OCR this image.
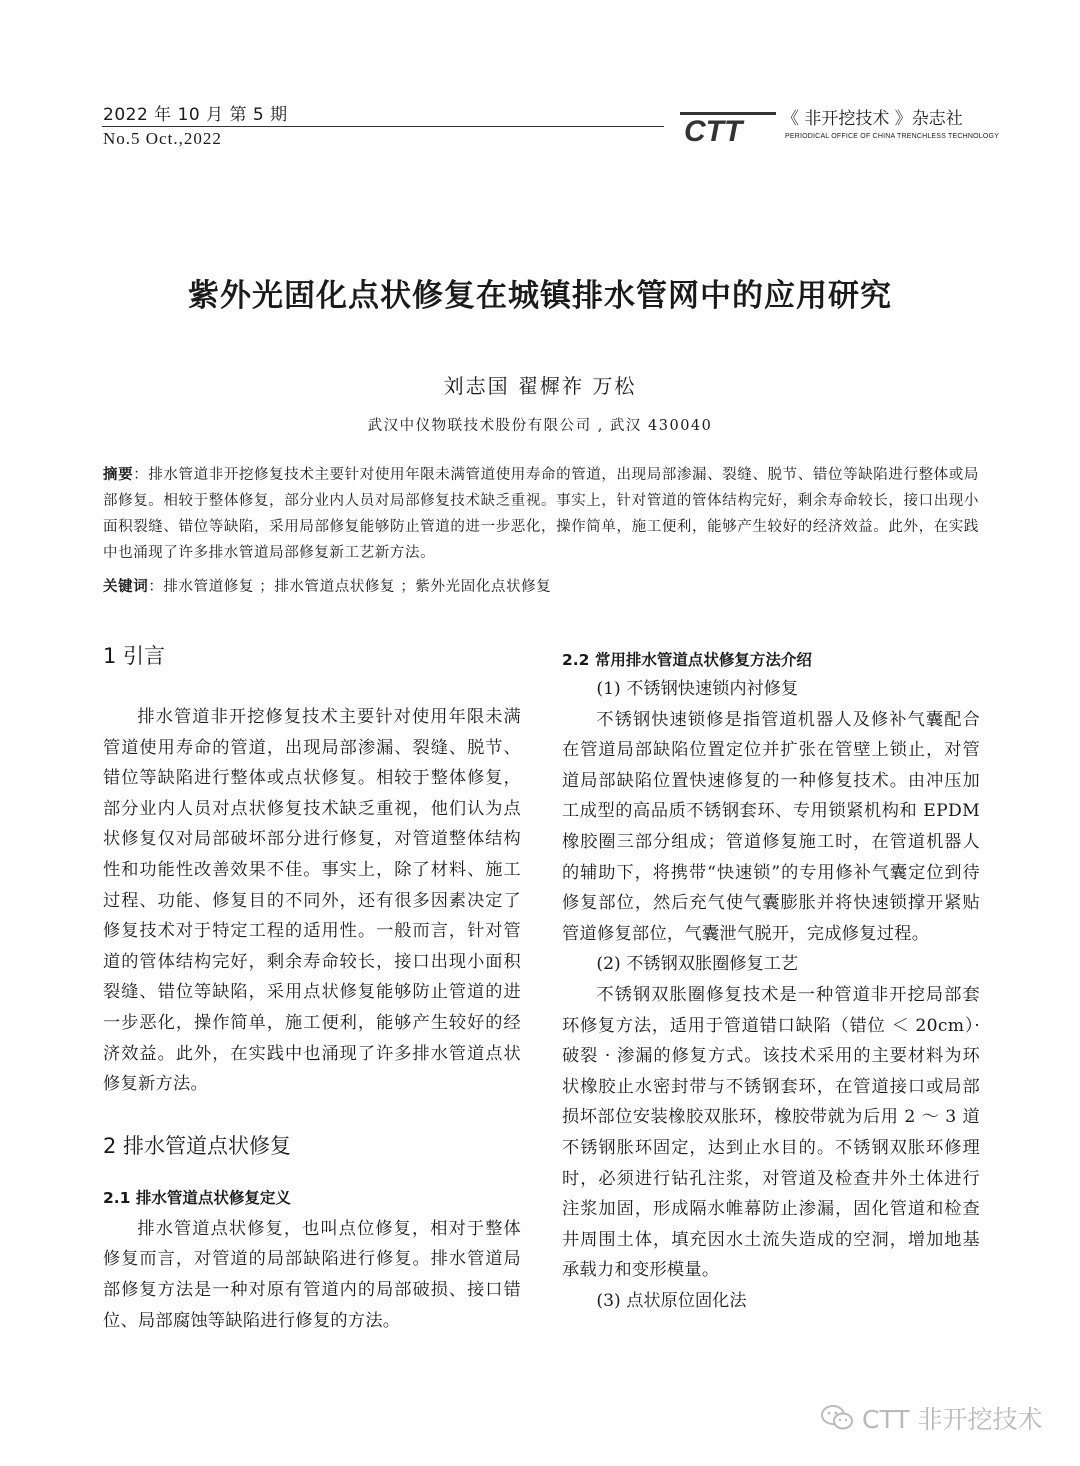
2022 年 10 月 第 5 期
No.5 Oct.,2022	CTT 《 非开挖技术 》杂志社
PERIODICAL OFFICE OF CHINA TRENCHLESS TECHNOLOGY
紫外光固化点状修复在城镇排水管网中的应用研究
刘志国 翟樨祚 万松
武汉中仪物联技术股份有限公司 , 武汉 430040
摘要：排水管道非开挖修复技术主要针对使用年限未满管道使用寿命的管道，出现局部渗漏、裂缝、脱节、错位等缺陷进行整体或局部修复。相较于整体修复，部分业内人员对局部修复技术缺乏重视。事实上，针对管道的管体结构完好，剩余寿命较长，接口出现小面积裂缝、错位等缺陷，采用局部修复能够防止管道的进一步恶化，操作简单，施工便利，能够产生较好的经济效益。此外，在实践中也涌现了许多排水管道局部修复新工艺新方法。
关键词：排水管道修复 ；排水管道点状修复 ；紫外光固化点状修复
1 引言

排水管道非开挖修复技术主要针对使用年限未满管道使用寿命的管道，出现局部渗漏、裂缝、脱节、错位等缺陷进行整体或点状修复。相较于整体修复，部分业内人员对点状修复技术缺乏重视，他们认为点状修复仅对局部破坏部分进行修复，对管道整体结构性和功能性改善效果不佳。事实上，除了材料、施工过程、功能、修复目的不同外，还有很多因素决定了修复技术对于特定工程的适用性。一般而言，针对管道的管体结构完好，剩余寿命较长，接口出现小面积裂缝、错位等缺陷，采用点状修复能够防止管道的进一步恶化，操作简单，施工便利，能够产生较好的经济效益。此外，在实践中也涌现了许多排水管道点状修复新方法。

2 排水管道点状修复
2.1 排水管道点状修复定义

排水管道点状修复，也叫点位修复，相对于整体修复而言，对管道的局部缺陷进行修复。排水管道局部修复方法是一种对原有管道内的局部破损、接口错位、局部腐蚀等缺陷进行修复的方法。

2.2 常用排水管道点状修复方法介绍

(1) 不锈钢快速锁内衬修复

不锈钢快速锁修是指管道机器人及修补气囊配合在管道局部缺陷位置定位并扩张在管壁上锁止，对管道局部缺陷位置快速修复的一种修复技术。由冲压加工成型的高品质不锈钢套环、专用锁紧机构和 EPDM 橡胶圈三部分组成；管道修复施工时，在管道机器人的辅助下，将携带“快速锁”的专用修补气囊定位到待修复部位，然后充气使气囊膨胀并将快速锁撑开紧贴管道修复部位，气囊泄气脱开，完成修复过程。

(2) 不锈钢双胀圈修复工艺

不锈钢双胀圈修复技术是一种管道非开挖局部套环修复方法，适用于管道错口缺陷（错位 ＜ 20cm）· 破裂 · 渗漏的修复方式。该技术采用的主要材料为环状橡胶止水密封带与不锈钢套环，在管道接口或局部损坏部位安装橡胶双胀环，橡胶带就为后用 2 ～ 3 道不锈钢胀环固定，达到止水目的。不锈钢双胀环修理时，必须进行钻孔注浆，对管道及检查井外土体进行注浆加固，形成隔水帷幕防止渗漏，固化管道和检查井周围土体，填充因水土流失造成的空洞，增加地基承载力和变形模量。

(3) 点状原位固化法

CTT 非开挖技术
